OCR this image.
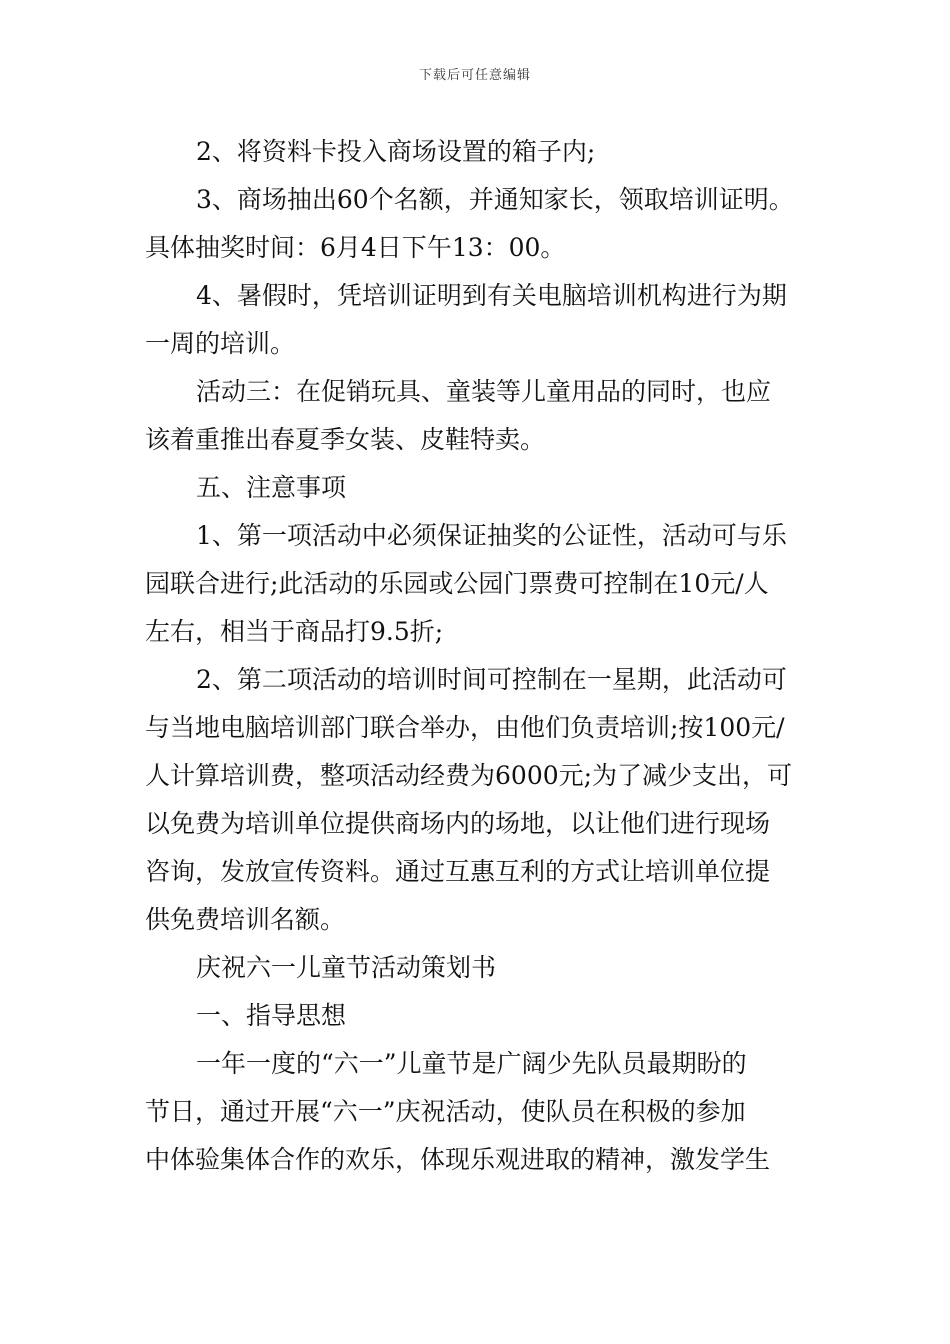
下载后可任意编辑
2、将资料卡投入商场设置的箱子内;
3、商场抽出60个名额，并通知家长，领取培训证明。
具体抽奖时间：6月4日下午13：00。
4、暑假时，凭培训证明到有关电脑培训机构进行为期
一周的培训。
活动三：在促销玩具、童装等儿童用品的同时，也应
该着重推出春夏季女装、皮鞋特卖。
五、注意事项
1、第一项活动中必须保证抽奖的公证性，活动可与乐
园联合进行;此活动的乐园或公园门票费可控制在10元/人
左右，相当于商品打9.5折;
2、第二项活动的培训时间可控制在一星期，此活动可
与当地电脑培训部门联合举办，由他们负责培训;按100元/
人计算培训费，整项活动经费为6000元;为了减少支出，可
以免费为培训单位提供商场内的场地，以让他们进行现场
咨询，发放宣传资料。通过互惠互利的方式让培训单位提
供免费培训名额。
庆祝六一儿童节活动策划书
一、指导思想
一年一度的“六一”儿童节是广阔少先队员最期盼的
节日，通过开展“六一”庆祝活动，使队员在积极的参加
中体验集体合作的欢乐，体现乐观进取的精神，激发学生
